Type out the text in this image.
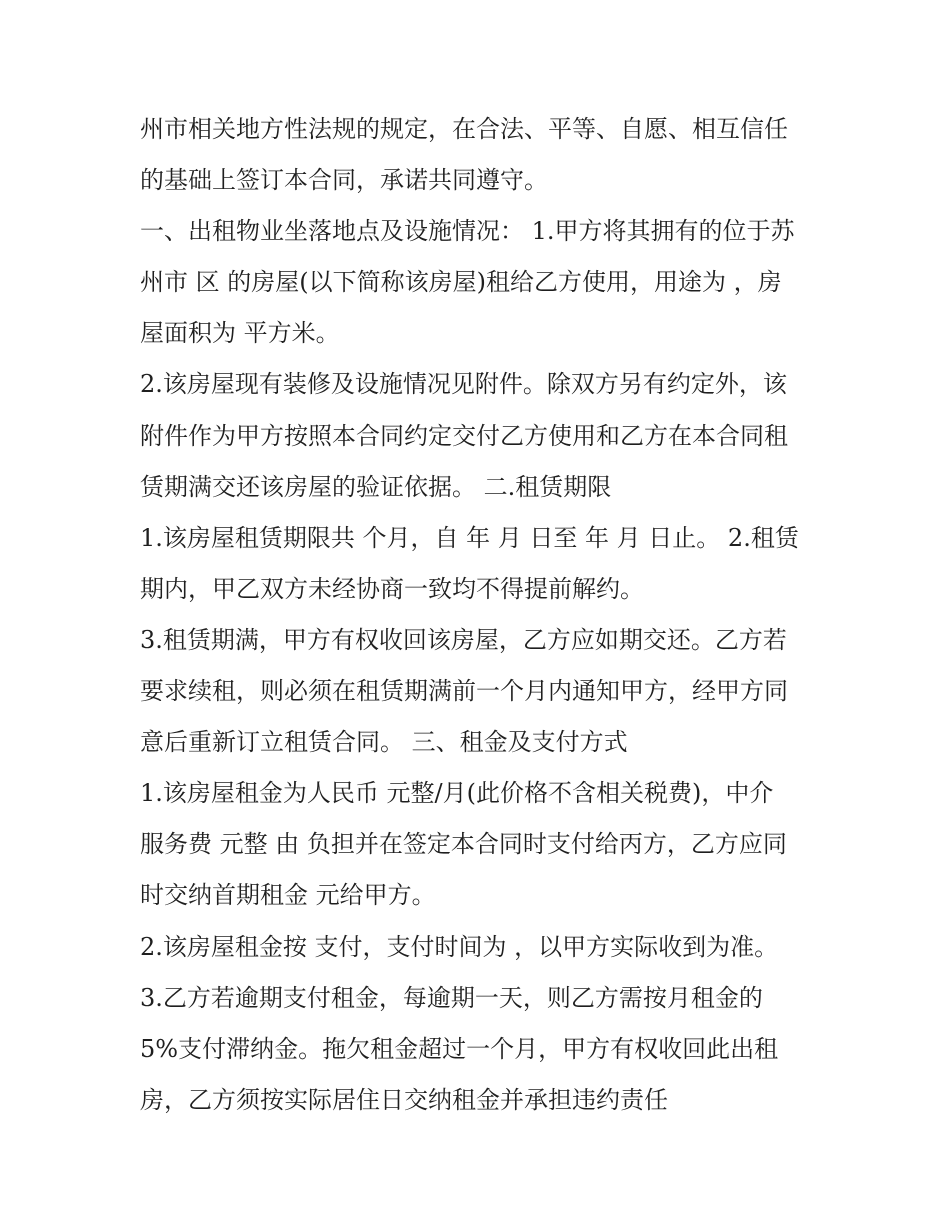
州市相关地方性法规的规定，在合法、平等、自愿、相互信任
的基础上签订本合同，承诺共同遵守。
一、出租物业坐落地点及设施情况： 1.甲方将其拥有的位于苏
州市 区 的房屋(以下简称该房屋)租给乙方使用，用途为 ，房
屋面积为 平方米。
2.该房屋现有装修及设施情况见附件。除双方另有约定外，该
附件作为甲方按照本合同约定交付乙方使用和乙方在本合同租
赁期满交还该房屋的验证依据。 二.租赁期限
1.该房屋租赁期限共 个月，自 年 月 日至 年 月 日止。 2.租赁
期内，甲乙双方未经协商一致均不得提前解约。
3.租赁期满，甲方有权收回该房屋，乙方应如期交还。乙方若
要求续租，则必须在租赁期满前一个月内通知甲方，经甲方同
意后重新订立租赁合同。 三、租金及支付方式
1.该房屋租金为人民币 元整/月(此价格不含相关税费)，中介
服务费 元整 由 负担并在签定本合同时支付给丙方，乙方应同
时交纳首期租金 元给甲方。
2.该房屋租金按 支付，支付时间为 ，以甲方实际收到为准。
3.乙方若逾期支付租金，每逾期一天，则乙方需按月租金的
5%支付滞纳金。拖欠租金超过一个月，甲方有权收回此出租
房，乙方须按实际居住日交纳租金并承担违约责任
